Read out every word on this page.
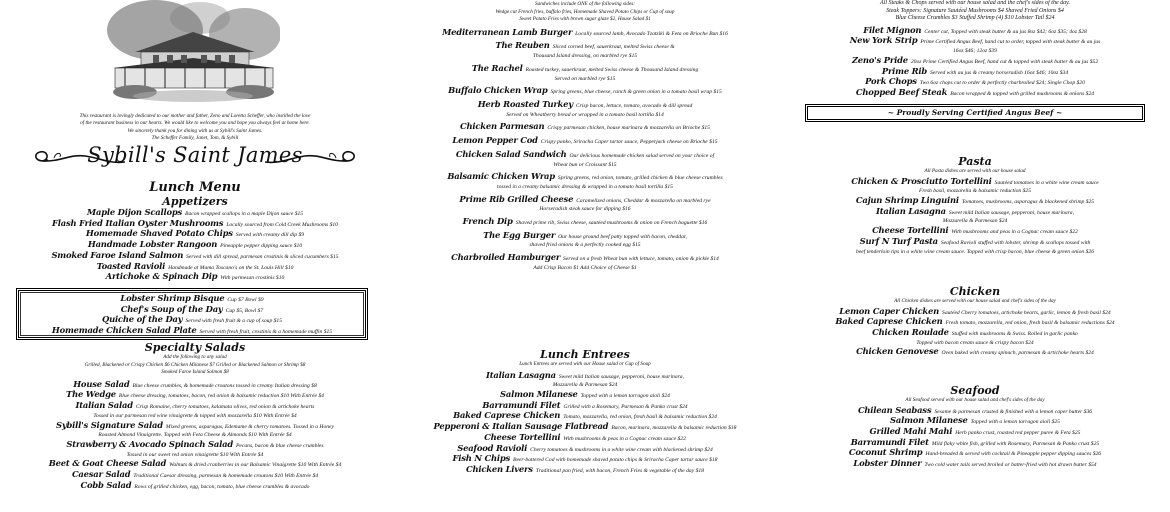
This restaurant is lovingly dedicated to our mother and father, Zeno and Loretta Scheffer, who instilled the love
of the restaurant business in our hearts. We would like to welcome you and hope you always feel at home here.
We sincerely thank you for dining with us at Sybill's Saint James.
The Scheffer Family, Janet, Tom, & Sybill
Sybill's Saint James
Lunch Menu
Appetizers
Maple Dijon Scallops Bacon wrapped scallops in a maple Dijon sauce $15
Flash Fried Italian Oyster Mushrooms Locally sourced from Cold Creek Mushrooms $10
Homemade Shaved Potato Chips Served with creamy dill dip $9
Handmade Lobster Rangoon Pineapple pepper dipping sauce $10
Smoked Faroe Island Salmon Served with dill spread, parmesan crostinis & sliced cucumbers $15
Toasted Ravioli Handmade at Mama Toscano's on the St. Louis Hill $10
Artichoke & Spinach Dip With parmesan crostinis $10
Lobster Shrimp Bisque Cup $7 Bowl $9
Chef's Soup of the Day Cup $5, Bowl $7
Quiche of the Day Served with fresh fruit & a cup of soup $15
Homemade Chicken Salad Plate Served with fresh fruit, crostinis & a homemade muffin $15
Specialty Salads
Add the following to any salad
Grilled, Blackened or Crispy Chicken $6 Chicken Milanese $7 Grilled or Blackened Salmon or Shrimp $8
Smoked Faroe Island Salmon $8
House Salad Blue cheese crumbles, & homemade croutons tossed in creamy Italian dressing $8
The Wedge Blue cheese dressing, tomatoes, bacon, red onion & balsamic reduction $10 With Entrée $4
Italian Salad Crisp Romaine, cherry tomatoes, kalamata olives, red onion & artichoke hearts
Tossed in our parmesan red wine vinaigrette & topped with mozzarella $10 With Entrée $4
Sybill's Signature Salad Mixed greens, asparagus, Edemame & cherry tomatoes. Tossed in a Honey
Roasted Almond Vinaigrette. Topped with Feta Cheese & Almonds $10 With Entrée $4
Strawberry & Avocado Spinach Salad Pecans, bacon & blue cheese crumbles
Tossed in our sweet red onion vinaigrette $10 With Entrée $4
Beet & Goat Cheese Salad Walnuts & dried cranberries in our Balsamic Vinaigrette $10 With Entrée $4
Caesar Salad Traditional Caesar dressing, parmesan & homemade croutons $10 With Entrée $4
Cobb Salad Rows of grilled chicken, egg, bacon, tomato, blue cheese crumbles & avocado
Sandwiches include ONE of the following sides:
Wedge cut French fries, buffalo fries, Homemade Shaved Potato Chips or Cup of soup
Sweet Potato Fries with brown sugar glaze $2, House Salad $1
Mediterranean Lamb Burger Locally sourced lamb, Avocado Tzatziki & Feta on Brioche Bun $16
The Reuben Sliced corned beef, sauerkraut, melted Swiss cheese &
Thousand Island dressing, on marbled rye $15
The Rachel Roasted turkey, sauerkraut, melted Swiss cheese & Thousand Island dressing
Served on marbled rye $15
Buffalo Chicken Wrap Spring greens, blue cheese, ranch & green onion in a tomato basil wrap $15
Herb Roasted Turkey Crisp bacon, lettuce, tomato, avocado & dill spread
Served on Wheatberry bread or wrapped in a tomato basil tortilla $14
Chicken Parmesan Crispy parmesan chicken, house marinara & mozzarella on Brioche $15
Lemon Pepper Cod Crispy panko, Sriracha Caper tartar sauce, Pepperjack cheese on Brioche $15
Chicken Salad Sandwich Our delicious homemade chicken salad served on your choice of
Wheat bun or Croissant $15
Balsamic Chicken Wrap Spring greens, red onion, tomato, grilled chicken & blue cheese crumbles
tossed in a creamy balsamic dressing & wrapped in a tomato basil tortilla $15
Prime Rib Grilled Cheese Caramelized onions, Cheddar & mozzarella on marbled rye
Horseradish steak sauce for dipping $16
French Dip Shaved prime rib, Swiss cheese, sautéed mushrooms & onion on French baguette $16
The Egg Burger Our house ground beef patty topped with bacon, cheddar,
shaved fried onions & a perfectly cooked egg $15
Charbroiled Hamburger Served on a fresh Wheat bun with lettuce, tomato, onion & pickle $14
Add Crisp Bacon $1 Add Choice of Cheese $1
Lunch Entrees
Lunch Entrees are served with our House salad or Cup of Soup
Italian Lasagna Sweet mild Italian sausage, pepperoni, house marinara,
Mozzarella & Parmesan $24
Salmon Milanese Topped with a lemon tarragon aioli $24
Barramundi Filet Grilled with a Rosemary, Parmesan & Panko crust $24
Baked Caprese Chicken Tomato, mozzarella, red onion, fresh basil & balsamic reduction $24
Pepperoni & Italian Sausage Flatbread Bacon, marinara, mozzarella & balsamic reduction $18
Cheese Tortellini With mushrooms & peas in a Cognac cream sauce $22
Seafood Ravioli Cherry tomatoes & mushrooms in a white wine cream with blackened shrimp $24
Fish N Chips Beer-battered Cod with homemade shaved potato chips & Sriracha Caper tartar sauce $18
Chicken Livers Traditional pan fried, with bacon, French Fries & vegetable of the day $18
All Steaks & Chops served with our house salad and the chef's sides of the day.
Steak Toppers: Signature Sautéed Mushrooms $4 Shaved Fried Onions $4
Blue Cheese Crumbles $3 Stuffed Shrimp (4) $10 Lobster Tail $24
Filet Mignon Center cut, Topped with steak butter & au jus 8oz $42; 6oz $35; 4oz $28
New York Strip Prime Certified Angus Beef, hand cut to order, topped with steak butter & au jus
16oz $46; 12oz $39
Zeno's Pride 20oz Prime Certified Angus Beef, hand cut & topped with steak butter & au jus $52
Prime Rib Served with au jus & creamy horseradish 16oz $46; 10oz $34
Pork Chops Two 6oz chops cut to order & perfectly charbroiled $24; Single Chop $20
Chopped Beef Steak Bacon wrapped & topped with grilled mushrooms & onions $24
~ Proudly Serving Certified Angus Beef ~
Pasta
All Pasta dishes are served with our house salad
Chicken & Prosciutto Tortellini Sautéed tomatoes in a white wine cream sauce
Fresh basil, mozzarella & balsamic reduction $25
Cajun Shrimp Linguini Tomatoes, mushrooms, asparagus & blackened shrimp $25
Italian Lasagna Sweet mild Italian sausage, pepperoni, house marinara,
Mozzarella & Parmesan $24
Cheese Tortellini With mushrooms and peas in a Cognac cream sauce $22
Surf N Turf Pasta Seafood Ravioli stuffed with lobster, shrimp & scallops tossed with
beef tenderloin tips in a white wine cream sauce. Topped with crisp bacon, blue cheese & green onion $26
Chicken
All Chicken dishes are served with our house salad and chef's sides of the day
Lemon Caper Chicken Sautéed Cherry tomatoes, artichoke hearts, garlic, lemon & fresh basil $24
Baked Caprese Chicken Fresh tomato, mozzarella, red onion, fresh basil & balsamic reductions $24
Chicken Roulade Stuffed with mushrooms & Swiss. Rolled in garlic panko
Topped with bacon cream sauce & crispy bacon $24
Chicken Genovese Oven baked with creamy spinach, parmesan & artichoke hearts $24
Seafood
All Seafood served with our house salad and chef's sides of the day
Chilean Seabass Sesame & parmesan crusted & finished with a lemon caper butter $36
Salmon Milanese Topped with a lemon tarragon aioli $25
Grilled Mahi Mahi Herb panko crust, roasted red pepper puree & Feta $25
Barramundi Filet Mild flaky white fish, grilled with Rosemary, Parmesan & Panko crust $25
Coconut Shrimp Hand-breaded & served with cocktail & Pineapple pepper dipping sauces $26
Lobster Dinner Two cold water tails served broiled or batter-fried with hot drawn butter $54
